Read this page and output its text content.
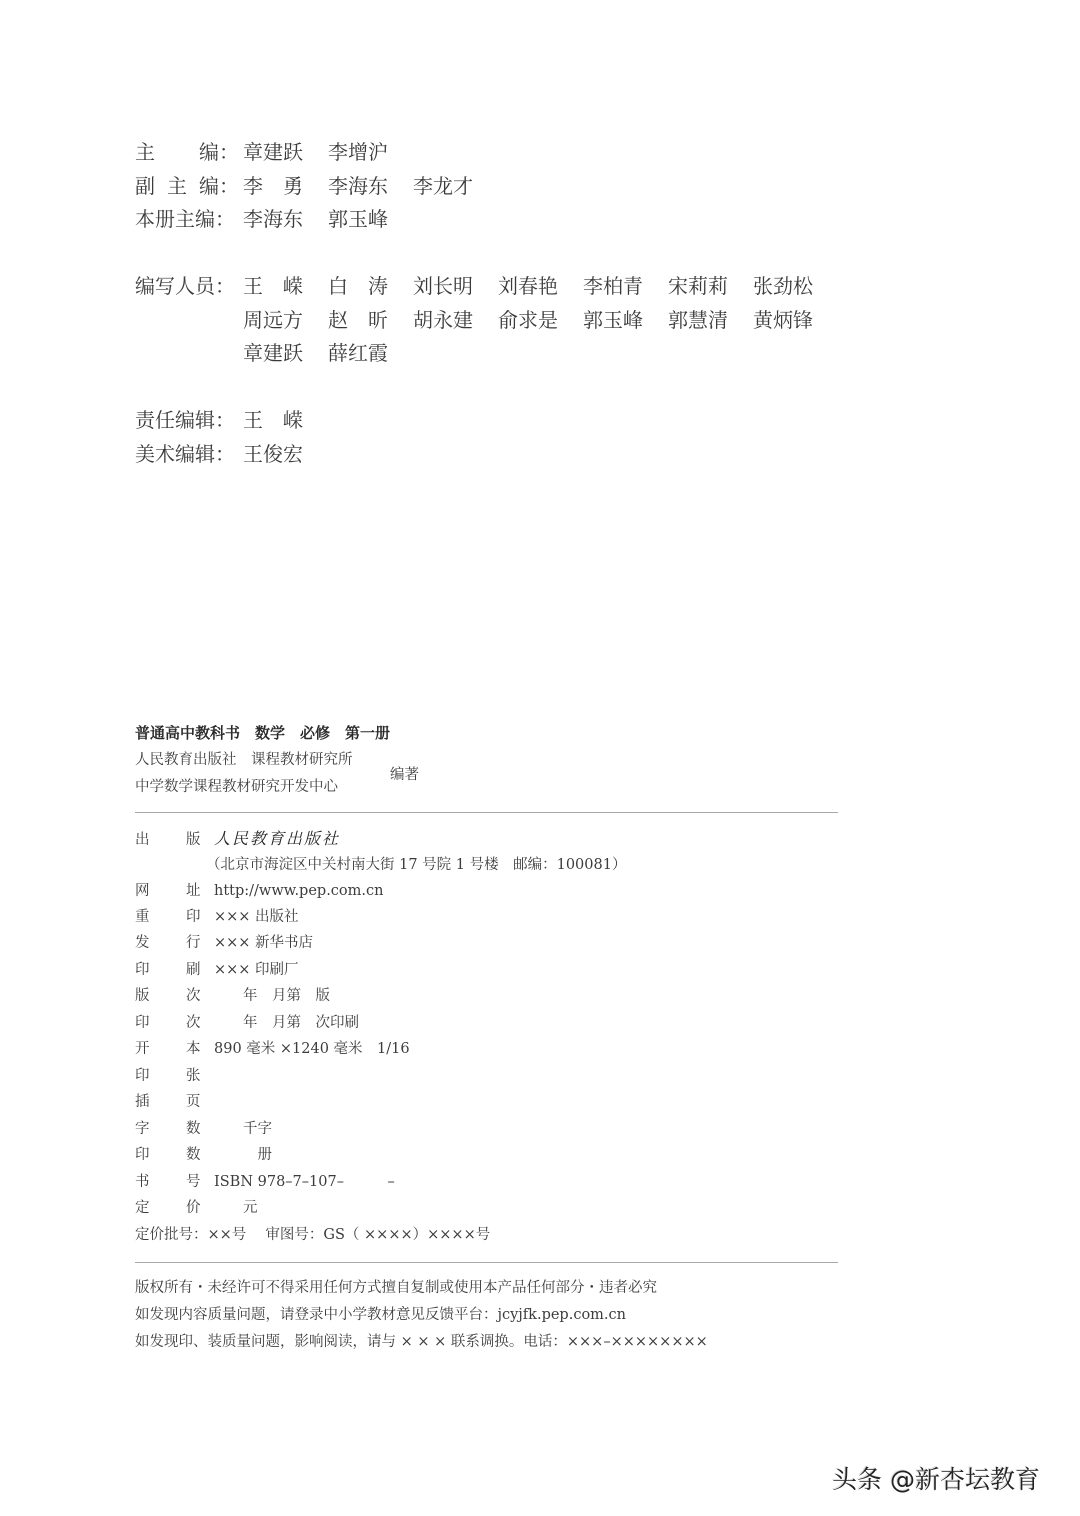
主 编： 章建跃 李增沪
副 主 编： 李　勇 李海东 李龙才
本册主编： 李海东 郭玉峰
编写人员： 王　嵘 白　涛 刘长明 刘春艳 李柏青 宋莉莉 张劲松
周远方 赵　昕 胡永建 俞求是 郭玉峰 郭慧清 黄炳锋
章建跃 薛红霞
责任编辑： 王　嵘
美术编辑： 王俊宏
普通高中教科书　数学　必修　第一册
人民教育出版社　课程教材研究所
中学数学课程教材研究开发中心
编著
出	版 人民教育出版社
（北京市海淀区中关村南大街 17 号院 1 号楼　邮编：100081）
网	址 http://www.pep.com.cn
重	印 ××× 出版社
发	行 ××× 新华书店
印	刷 ××× 印刷厂
版	次　　年　月第　版
印	次　　年　月第　次印刷
开	本 890 毫米 ×1240 毫米　1/16
印	张
插	页
字	数　　千字
印	数　　　册
书	号 ISBN 978–7–107–　　　–
定	价　　元
定价批号：××号　 审图号：GS（ ××××）××××号
版权所有・未经许可不得采用任何方式擅自复制或使用本产品任何部分・违者必究
如发现内容质量问题，请登录中小学教材意见反馈平台：jcyjfk.pep.com.cn
如发现印、装质量问题，影响阅读，请与 × × × 联系调换。电话：×××–××××××××
头条 @新杏坛教育
